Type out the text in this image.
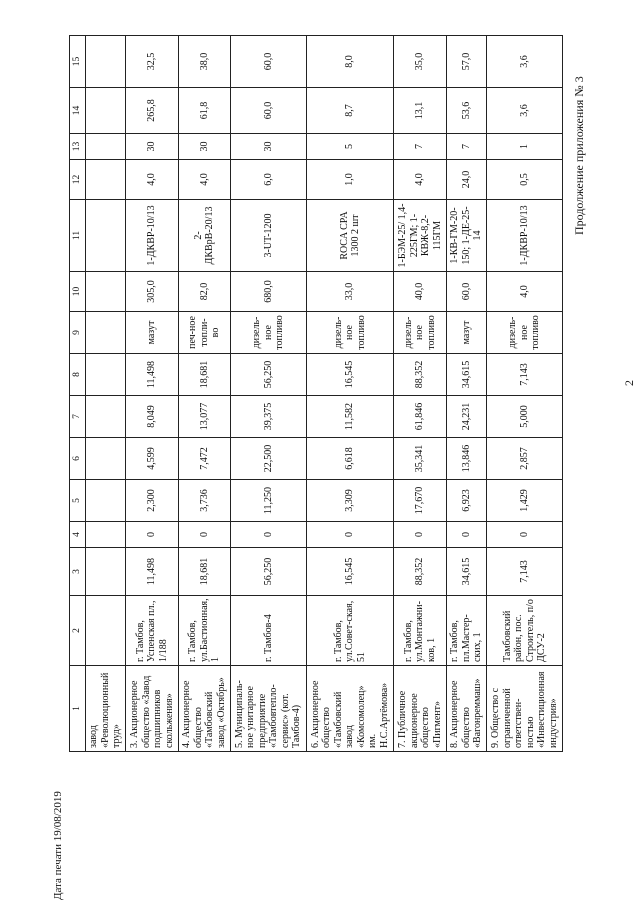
2
Продолжение приложения № 3
1	2	3	4	5	6	7	8	9	10	11	12	13	14	15
завод «Революционный труд»														
3. Акционерное общество «Завод подшипников скольжения»	г. Тамбов, Успенская пл., 1/188	11,498	0	2,300	4,599	8,049	11,498	мазут	305,0	1-ДКВР-10/13	4,0	30	265,8	32,5
4. Акционерное общество «Тамбовский завод «Октябрь»	г. Тамбов, ул.Бастионная, 1	18,681	0	3,736	7,472	13,077	18,681	печ-ное топли-во	82,0	2-ДКВрВ-20/13	4,0	30	61,8	38,0
5. Муниципаль-ное унитарное предприятие «Тамбовтепло-сервис» (кот. Тамбов-4)	г. Тамбов-4	56,250	0	11,250	22,500	39,375	56,250	дизель-ное топливо	680,0	3-UT-1200	6,0	30	60,0	60,0
6. Акционерное общество «Тамбовский завод «Комсомолец» им. Н.С.Артёмова»	г. Тамбов, ул.Совет-ская, 51	16,545	0	3,309	6,618	11,582	16,545	дизель-ное топливо	33,0	ROCA CPA 1300 2 шт	1,0	5	8,7	8,0
7. Публичное акционерное общество «Пигмент»	г. Тамбов, ул.Монтажни-ков, 1	88,352	0	17,670	35,341	61,846	88,352	дизель-ное топливо	40,0	1-БЭМ-25/ 1,4-225ГМ; 1-КВЖ-8,2-115ГМ	4,0	7	13,1	35,0
8. Акционерное общество «Вагонреммаш»	г. Тамбов, пл.Мастер-ских, 1	34,615	0	6,923	13,846	24,231	34,615	мазут	60,0	1-КВ-ГМ-20-150; 1-ДЕ-25-14	24,0	7	53,6	57,0
9. Общество с ограниченной ответствен-ностью «Инвестиционная индустрия»	Тамбовский район, пос. Строитель, п/о ДСУ-2	7,143	0	1,429	2,857	5,000	7,143	дизель-ное топливо	4,0	1-ДКВР-10/13	0,5	1	3,6	3,6
Дата печати 19/08/2019
